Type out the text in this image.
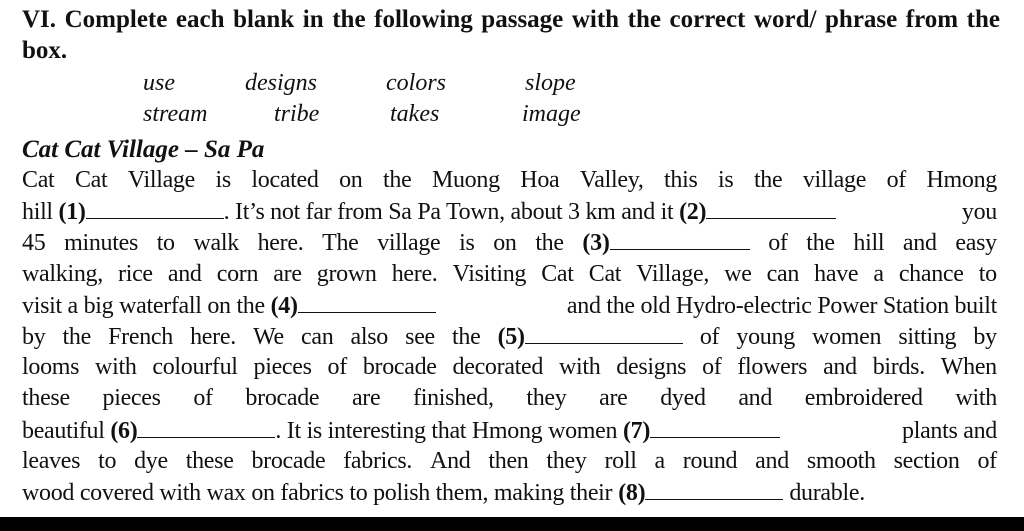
VI. Complete each blank in the following passage with the correct word/ phrase from the box.
use	designs	colors	slope
stream	tribe	takes	image
Cat Cat Village – Sa Pa
Cat Cat Village is located on the Muong Hoa Valley, this is the village of Hmong
hill (1)	. It’s not far from Sa Pa Town, about 3 km and it (2)	you
45 minutes to walk here. The village is on the (3)	of the hill and easy
walking, rice and corn are grown here. Visiting Cat Cat Village, we can have a chance to
visit a big waterfall on the (4)	and the old Hydro-electric Power Station built
by the French here. We can also see the (5)	of young women sitting by
looms with colourful pieces of brocade decorated with designs of flowers and birds. When
these pieces of brocade are finished, they are dyed and embroidered with
beautiful (6)	. It is interesting that Hmong women (7)	plants and
leaves to dye these brocade fabrics. And then they roll a round and smooth section of
wood covered with wax on fabrics to polish them, making their (8)	durable.
